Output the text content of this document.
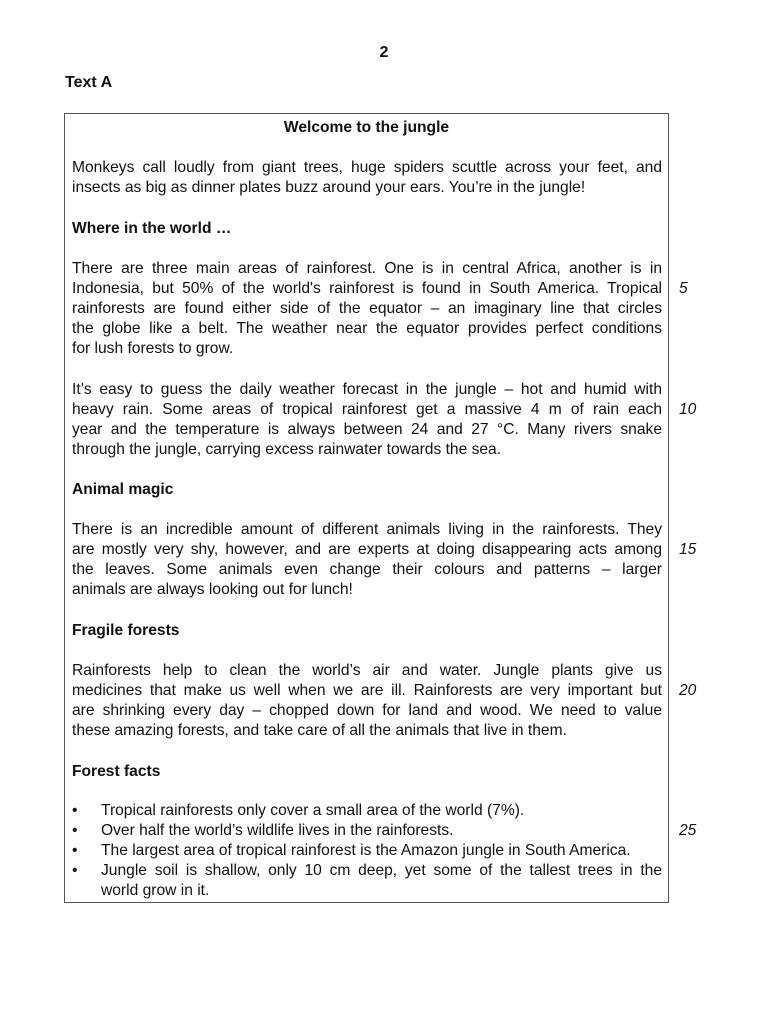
2
Text A
Welcome to the jungle
Monkeys call loudly from giant trees, huge spiders scuttle across your feet, and
insects as big as dinner plates buzz around your ears. You’re in the jungle!
Where in the world …
There are three main areas of rainforest. One is in central Africa, another is in
Indonesia, but 50% of the world's rainforest is found in South America. Tropical
rainforests are found either side of the equator – an imaginary line that circles
the globe like a belt. The weather near the equator provides perfect conditions
for lush forests to grow.
It’s easy to guess the daily weather forecast in the jungle – hot and humid with
heavy rain. Some areas of tropical rainforest get a massive 4 m of rain each
year and the temperature is always between 24 and 27 °C. Many rivers snake
through the jungle, carrying excess rainwater towards the sea.
Animal magic
There is an incredible amount of different animals living in the rainforests. They
are mostly very shy, however, and are experts at doing disappearing acts among
the leaves. Some animals even change their colours and patterns – larger
animals are always looking out for lunch!
Fragile forests
Rainforests help to clean the world’s air and water. Jungle plants give us
medicines that make us well when we are ill. Rainforests are very important but
are shrinking every day – chopped down for land and wood. We need to value
these amazing forests, and take care of all the animals that live in them.
Forest facts
• Tropical rainforests only cover a small area of the world (7%).
• Over half the world’s wildlife lives in the rainforests.
• The largest area of tropical rainforest is the Amazon jungle in South America.
• Jungle soil is shallow, only 10 cm deep, yet some of the tallest trees in the
world grow in it.
5
10
15
20
25
